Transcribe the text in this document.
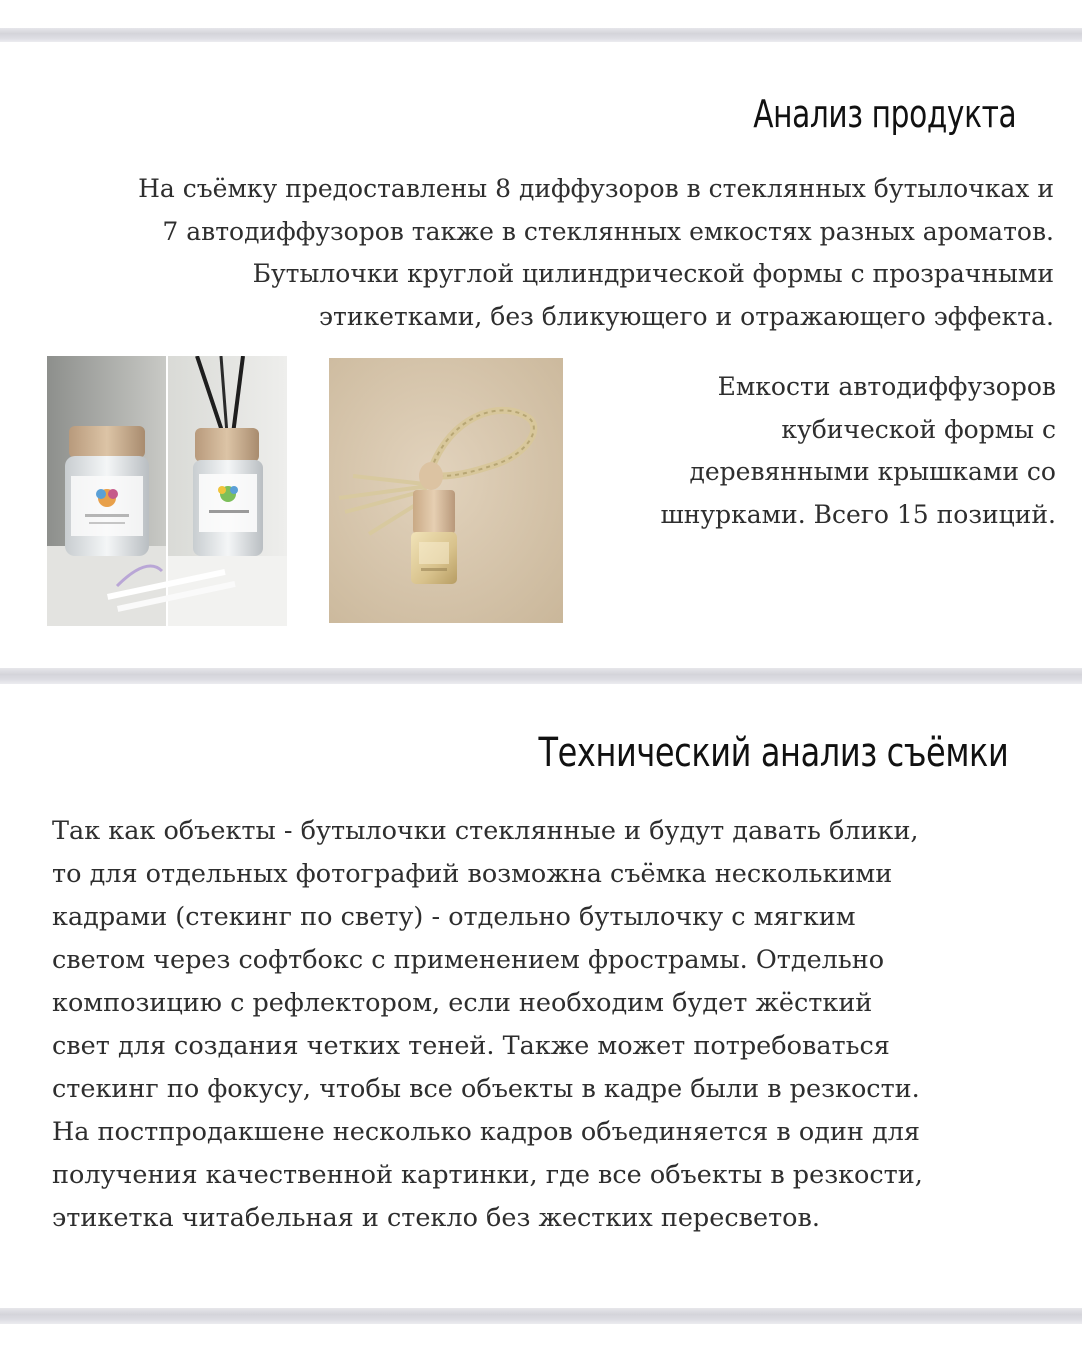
Анализ продукта

На съёмку предоставлены 8 диффузоров в стеклянных бутылочках и
7 автодиффузоров также в стеклянных емкостях разных ароматов.
Бутылочки круглой цилиндрической формы с прозрачными
этикетками, без бликующего и отражающего эффекта.

Емкости автодиффузоров
кубической формы с
деревянными крышками со
шнурками. Всего 15 позиций.

Технический анализ съёмки

Так как объекты - бутылочки стеклянные и будут давать блики,
то для отдельных фотографий возможна съёмка несколькими
кадрами (стекинг по свету) - отдельно бутылочку с мягким
светом через софтбокс с применением фрострамы. Отдельно
композицию с рефлектором, если необходим будет жёсткий
свет для создания четких теней. Также может потребоваться
стекинг по фокусу, чтобы все объекты в кадре были в резкости.
На постпродакшене несколько кадров объединяется в один для
получения качественной картинки, где все объекты в резкости,
этикетка читабельная и стекло без жестких пересветов.
